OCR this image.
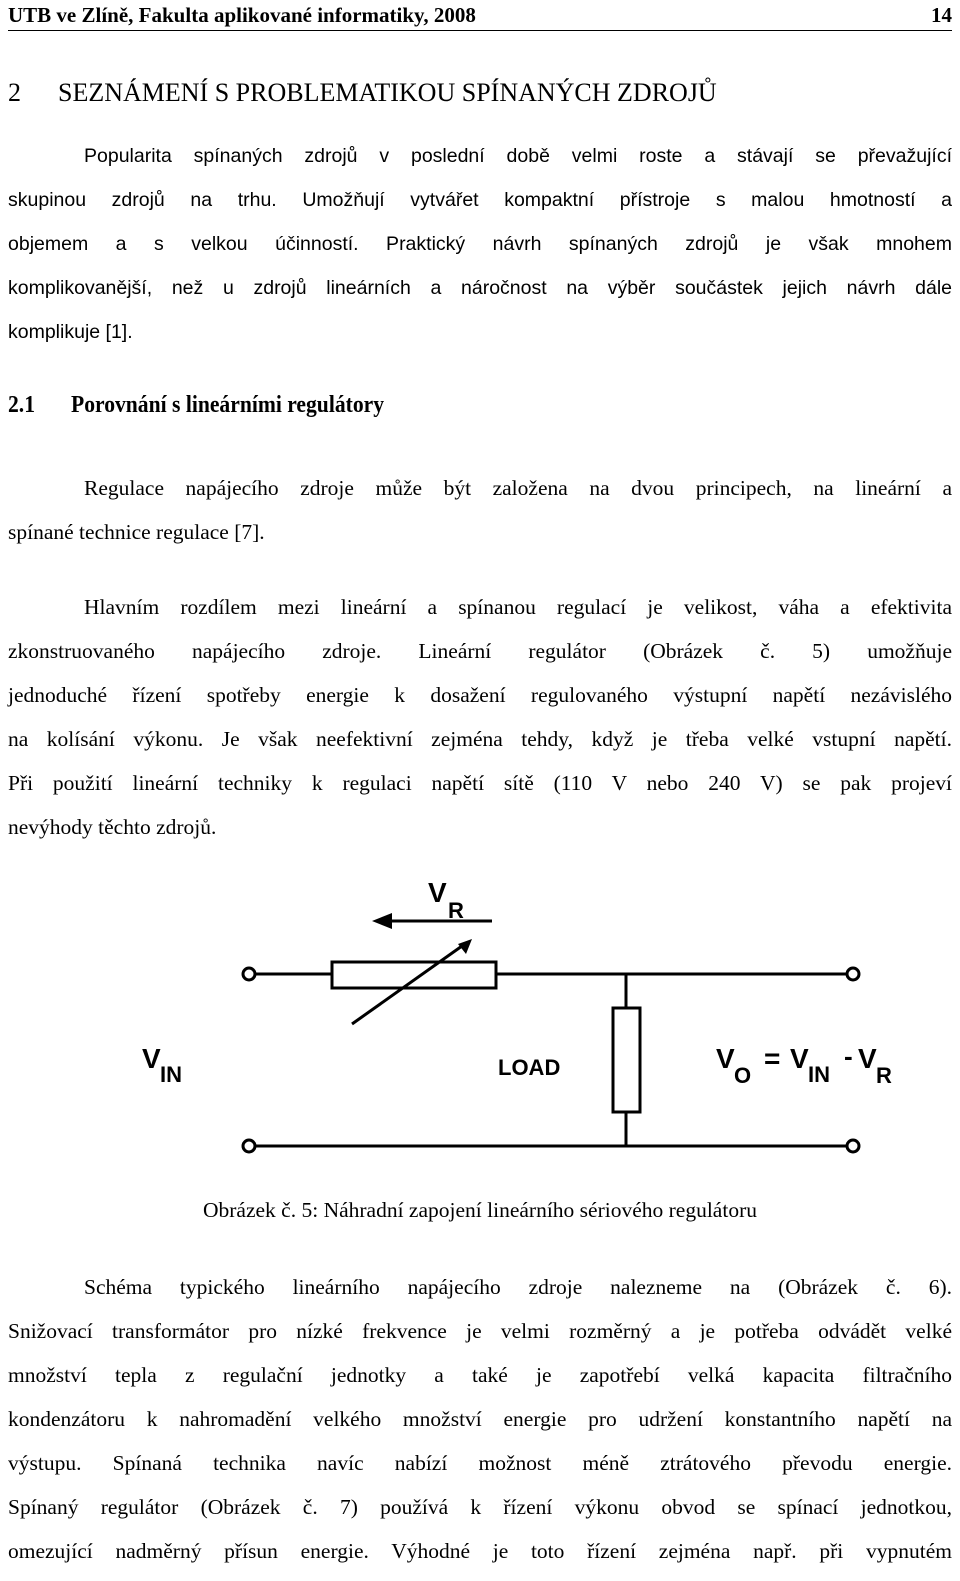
UTB ve Zlíně, Fakulta aplikované informatiky, 2008	14
2 SEZNÁMENÍ S PROBLEMATIKOU SPÍNANÝCH ZDROJŮ
Popularita spínaných zdrojů v poslední době velmi roste a stávají se převažující
skupinou zdrojů na trhu. Umožňují vytvářet kompaktní přístroje s malou hmotností a
objemem a s velkou účinností. Praktický návrh spínaných zdrojů je však mnohem
komplikovanější, než u zdrojů lineárních a náročnost na výběr součástek jejich návrh dále
komplikuje [1].
2.1 Porovnání s lineárními regulátory
Regulace napájecího zdroje může být založena na dvou principech, na lineární a
spínané technice regulace [7].
Hlavním rozdílem mezi lineární a spínanou regulací je velikost, váha a efektivita
zkonstruovaného napájecího zdroje. Lineární regulátor (Obrázek č. 5) umožňuje
jednoduché řízení spotřeby energie k dosažení regulovaného výstupní napětí nezávislého
na kolísání výkonu. Je však neefektivní zejména tehdy, když je třeba velké vstupní napětí.
Při použití lineární techniky k regulaci napětí sítě (110 V nebo 240 V) se pak projeví
nevýhody těchto zdrojů.
V
R
V
IN	LOAD	V
O
= V
IN
- V
R
Obrázek č. 5: Náhradní zapojení lineárního sériového regulátoru
Schéma typického lineárního napájecího zdroje nalezneme na (Obrázek č. 6).
Snižovací transformátor pro nízké frekvence je velmi rozměrný a je potřeba odvádět velké
množství tepla z regulační jednotky a také je zapotřebí velká kapacita filtračního
kondenzátoru k nahromadění velkého množství energie pro udržení konstantního napětí na
výstupu. Spínaná technika navíc nabízí možnost méně ztrátového převodu energie.
Spínaný regulátor (Obrázek č. 7) používá k řízení výkonu obvod se spínací jednotkou,
omezující nadměrný přísun energie. Výhodné je toto řízení zejména např. při vypnutém
